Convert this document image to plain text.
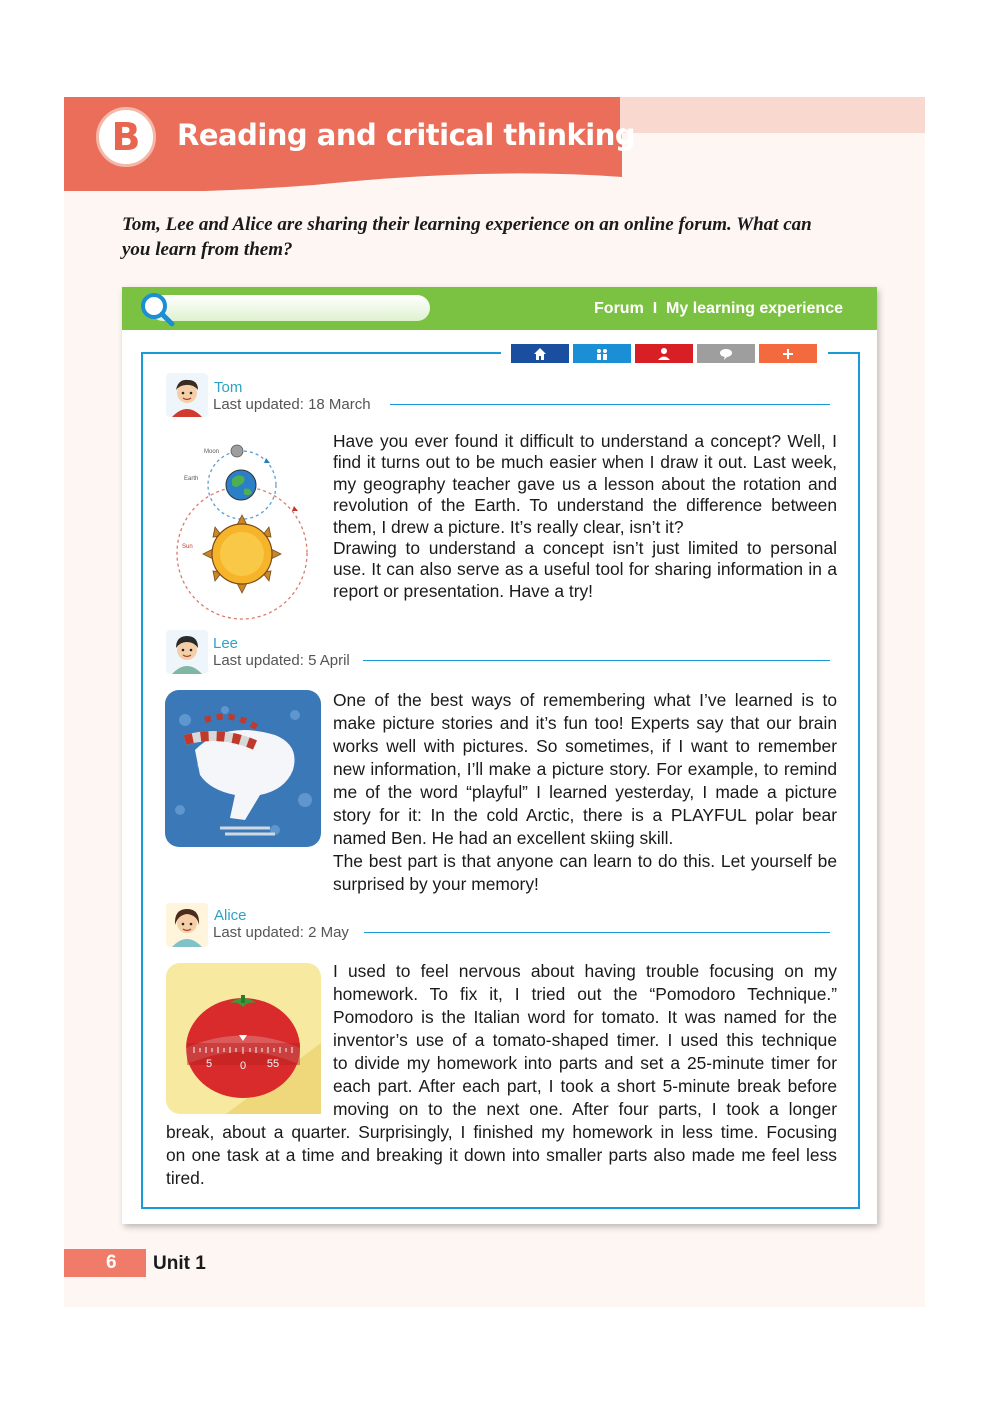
B Reading and critical thinking
Tom, Lee and Alice are sharing their learning experience on an online forum. What can you learn from them?
Forum  I  My learning experience
Tom
Last updated: 18 March
Moon
Earth
Sun

Have you ever found it difficult to understand a concept? Well, I find it turns out to be much easier when I draw it out. Last week, my geography teacher gave us a lesson about the rotation and revolution of the Earth. To understand the difference between them, I drew a picture. It’s really clear, isn’t it?

Drawing to understand a concept isn’t just limited to personal use. It can also serve as a useful tool for sharing information in a report or presentation. Have a try!

Lee
Last updated: 5 April

One of the best ways of remembering what I’ve learned is to make picture stories and it’s fun too! Experts say that our brain works well with pictures. So sometimes, if I want to remember new information, I’ll make a picture story. For example, to remind me of the word “playful” I learned yesterday, I made a picture story for it: In the cold Arctic, there is a PLAYFUL polar bear named Ben. He had an excellent skiing skill.

The best part is that anyone can learn to do this. Let yourself be surprised by your memory!

Alice
Last updated: 2 May
5	0 55
I used to feel nervous about having trouble focusing on my
homework. To fix it, I tried out the “Pomodoro Technique.”
Pomodoro is the Italian word for tomato. It was named for the
inventor’s use of a tomato-shaped timer. I used this technique
to divide my homework into parts and set a 25-minute timer for
each part. After each part, I took a short 5-minute break before
moving on to the next one. After four parts, I took a longer
break, about a quarter. Surprisingly, I finished my homework in less time. Focusing
on one task at a time and breaking it down into smaller parts also made me feel less
tired.
6 Unit 1
